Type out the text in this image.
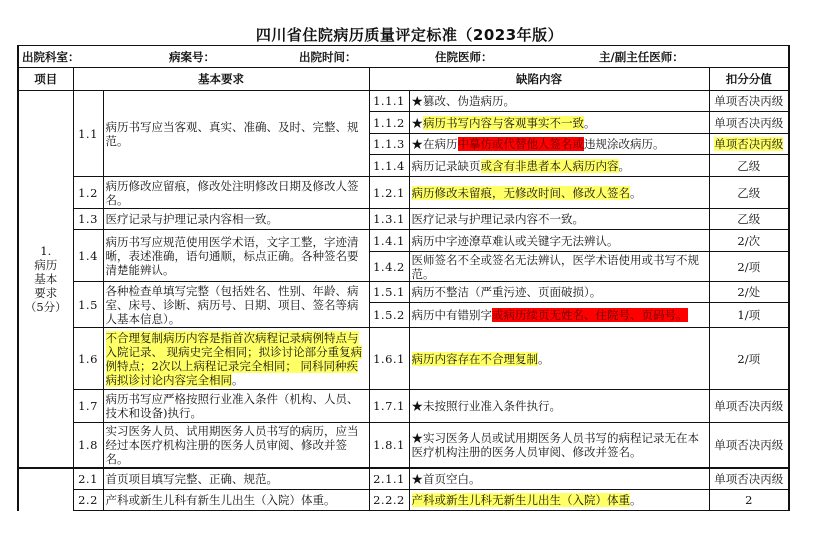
四川省住院病历质量评定标准（2023年版）
出院科室： 病案号： 出院时间： 住院医师： 主/副主任医师：					

项目	基本要求		缺陷内容		扣分分值

1.
病历
基本
要求
（5分）	1.1	病历书写应当客观、真实、准确、及时、完整、规范。	1.1.1	★篡改、伪造病历。	单项否决丙级
			1.1.2	★病历书写内容与客观事实不一致。	单项否决丙级
			1.1.3	★在病历中摹仿或代替他人签名或违规涂改病历。	单项否决丙级
			1.1.4	病历记录缺页或含有非患者本人病历内容。	乙级
	1.2	病历修改应留痕，修改处注明修改日期及修改人签名。	1.2.1	病历修改未留痕，无修改时间、修改人签名。	乙级
	1.3	医疗记录与护理记录内容相一致。	1.3.1	医疗记录与护理记录内容不一致。	乙级
	1.4	病历书写应规范使用医学术语，文字工整，字迹清晰，表述准确，语句通顺，标点正确。各种签名要清楚能辨认。	1.4.1	病历中字迹潦草难认或关键字无法辨认。	2/次
			1.4.2	医师签名不全或签名无法辨认，医学术语使用或书写不规范。	2/项
	1.5	各种检查单填写完整（包括姓名、性别、年龄、病室、床号、诊断、病历号、日期、项目、签名等病人基本信息）。	1.5.1	病历不整洁（严重污迹、页面破损）。	2/处
			1.5.2	病历中有错别字或病历续页无姓名、住院号、页码号。	1/项
	1.6	不合理复制病历内容是指首次病程记录病例特点与入院记录、 现病史完全相同；拟诊讨论部分重复病例特点；2次以上病程记录完全相同； 同科同种疾病拟诊讨论内容完全相同。	1.6.1	病历内容存在不合理复制。	2/项
	1.7	病历书写应严格按照行业准入条件（机构、人员、技术和设备)执行。	1.7.1	★未按照行业准入条件执行。	单项否决丙级
	1.8	实习医务人员、试用期医务人员书写的病历，应当经过本医疗机构注册的医务人员审阅、修改并签名。	1.8.1	★实习医务人员或试用期医务人员书写的病程记录无在本医疗机构注册的医务人员审阅、修改并签名。	单项否决丙级
	2.1	首页项目填写完整、正确、规范。	2.1.1	★首页空白。	单项否决丙级
	2.2	产科或新生儿科有新生儿出生（入院）体重。	2.2.2	产科或新生儿科无新生儿出生（入院）体重。	2
